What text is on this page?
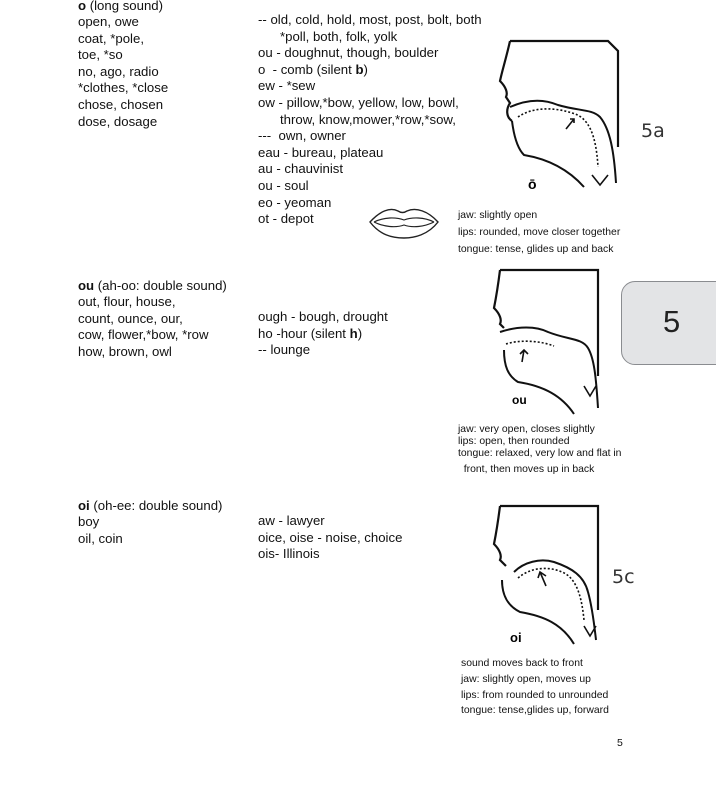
o (long sound)
open, owe
coat, *pole,
toe, *so
no, ago, radio
*clothes, *close
chose, chosen
dose, dosage
-- old, cold, hold, most, post, bolt, both
*poll, both, folk, yolk
ou - doughnut, though, boulder
o  - comb (silent b)
ew - *sew
ow - pillow,*bow, yellow, low, bowl,
throw, know,mower,*row,*sow,
---  own, owner
eau - bureau, plateau
au - chauvinist
ou - soul
eo - yeoman
ot - depot
ō
5a
jaw: slightly open
lips: rounded, move closer together
tongue: tense, glides up and back
ou (ah-oo: double sound)
out, flour, house,
count, ounce, our,
cow, flower,*bow, *row
how, brown, owl
ough - bough, drought
ho -hour (silent h)
-- lounge
ou
jaw: very open, closes slightly
lips: open, then rounded
tongue: relaxed, very low and flat in
front, then moves up in back
5
oi (oh-ee: double sound)
boy
oil, coin
aw - lawyer
oice, oise - noise, choice
ois- Illinois
oi
5c
sound moves back to front
jaw: slightly open, moves up
lips: from rounded to unrounded
tongue: tense,glides up, forward
5
